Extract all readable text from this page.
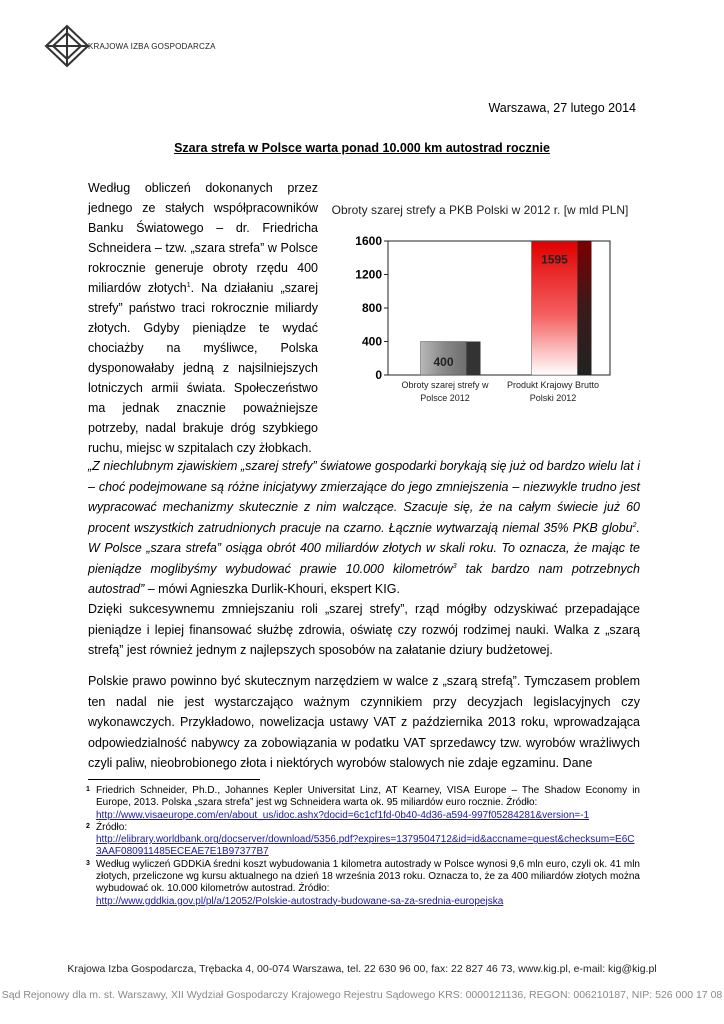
KRAJOWA IZBA GOSPODARCZA
Warszawa, 27 lutego 2014
Szara strefa w Polsce warta ponad 10.000 km autostrad rocznie
Według obliczeń dokonanych przez jednego ze stałych współpracowników Banku Światowego – dr. Friedricha Schneidera – tzw. „szara strefa” w Polsce rokrocznie generuje obroty rzędu 400 miliardów złotych$^1$. Na działaniu „szarej strefy” państwo traci rokrocznie miliardy złotych. Gdyby pieniądze te wydać chociażby na myśliwce, Polska dysponowałaby jedną z najsilniejszych lotniczych armii świata. Społeczeństwo ma jednak znacznie poważniejsze potrzeby, nadal brakuje dróg szybkiego ruchu, miejsc w szpitalach czy żłobkach.
Obroty szarej strefy a PKB Polski w 2012 r. [w mld PLN]
0
400
800
1200
1600
400
1595
Obroty szarej strefy w Polsce 2012
Produkt Krajowy Brutto Polski 2012
„Z niechlubnym zjawiskiem „szarej strefy” światowe gospodarki borykają się już od bardzo wielu lat i – choć podejmowane są różne inicjatywy zmierzające do jego zmniejszenia – niezwykle trudno jest wypracować mechanizmy skutecznie z nim walczące. Szacuje się, że na całym świecie już 60 procent wszystkich zatrudnionych pracuje na czarno. Łącznie wytwarzają niemal 35% PKB globu$^2$. W Polsce „szara strefa” osiąga obrót 400 miliardów złotych w skali roku. To oznacza, że mając te pieniądze moglibyśmy wybudować prawie 10.000 kilometrów$^3$ tak bardzo nam potrzebnych autostrad” – mówi Agnieszka Durlik-Khouri, ekspert KIG.
Dzięki sukcesywnemu zmniejszaniu roli „szarej strefy”, rząd mógłby odzyskiwać przepadające pieniądze i lepiej finansować służbę zdrowia, oświatę czy rozwój rodzimej nauki. Walka z „szarą strefą” jest również jednym z najlepszych sposobów na załatanie dziury budżetowej.
Polskie prawo powinno być skutecznym narzędziem w walce z „szarą strefą”. Tymczasem problem ten nadal nie jest wystarczająco ważnym czynnikiem przy decyzjach legislacyjnych czy wykonawczych. Przykładowo, nowelizacja ustawy VAT z października 2013 roku, wprowadzająca odpowiedzialność nabywcy za zobowiązania w podatku VAT sprzedawcy tzw. wyrobów wrażliwych czyli paliw, nieobrobionego złota i niektórych wyrobów stalowych nie zdaje egzaminu. Dane
1 Friedrich Schneider, Ph.D., Johannes Kepler Universitat Linz, AT Kearney, VISA Europe – The Shadow Economy in Europe, 2013. Polska „szara strefa” jest wg Schneidera warta ok. 95 miliardów euro rocznie. Źródło:
http://www.visaeurope.com/en/about_us/idoc.ashx?docid=6c1cf1fd-0b40-4d36-a594-997f05284281&version=-1
2 Źródło:
http://elibrary.worldbank.org/docserver/download/5356.pdf?expires=1379504712&id=id&accname=guest&checksum=E6C3AAF080911485ECEAE7E1B97377B7
3 Według wyliczeń GDDKiA średni koszt wybudowania 1 kilometra autostrady w Polsce wynosi 9,6 mln euro, czyli ok. 41 mln złotych, przeliczone wg kursu aktualnego na dzień 18 września 2013 roku. Oznacza to, że za 400 miliardów złotych można wybudować ok. 10.000 kilometrów autostrad. Źródło:
http://www.gddkia.gov.pl/pl/a/12052/Polskie-autostrady-budowane-sa-za-srednia-europejska
Krajowa Izba Gospodarcza, Trębacka 4, 00-074 Warszawa, tel. 22 630 96 00, fax: 22 827 46 73, www.kig.pl, e-mail: kig@kig.pl
Sąd Rejonowy dla m. st. Warszawy, XII Wydział Gospodarczy Krajowego Rejestru Sądowego KRS: 0000121136, REGON: 006210187, NIP: 526 000 17 08
